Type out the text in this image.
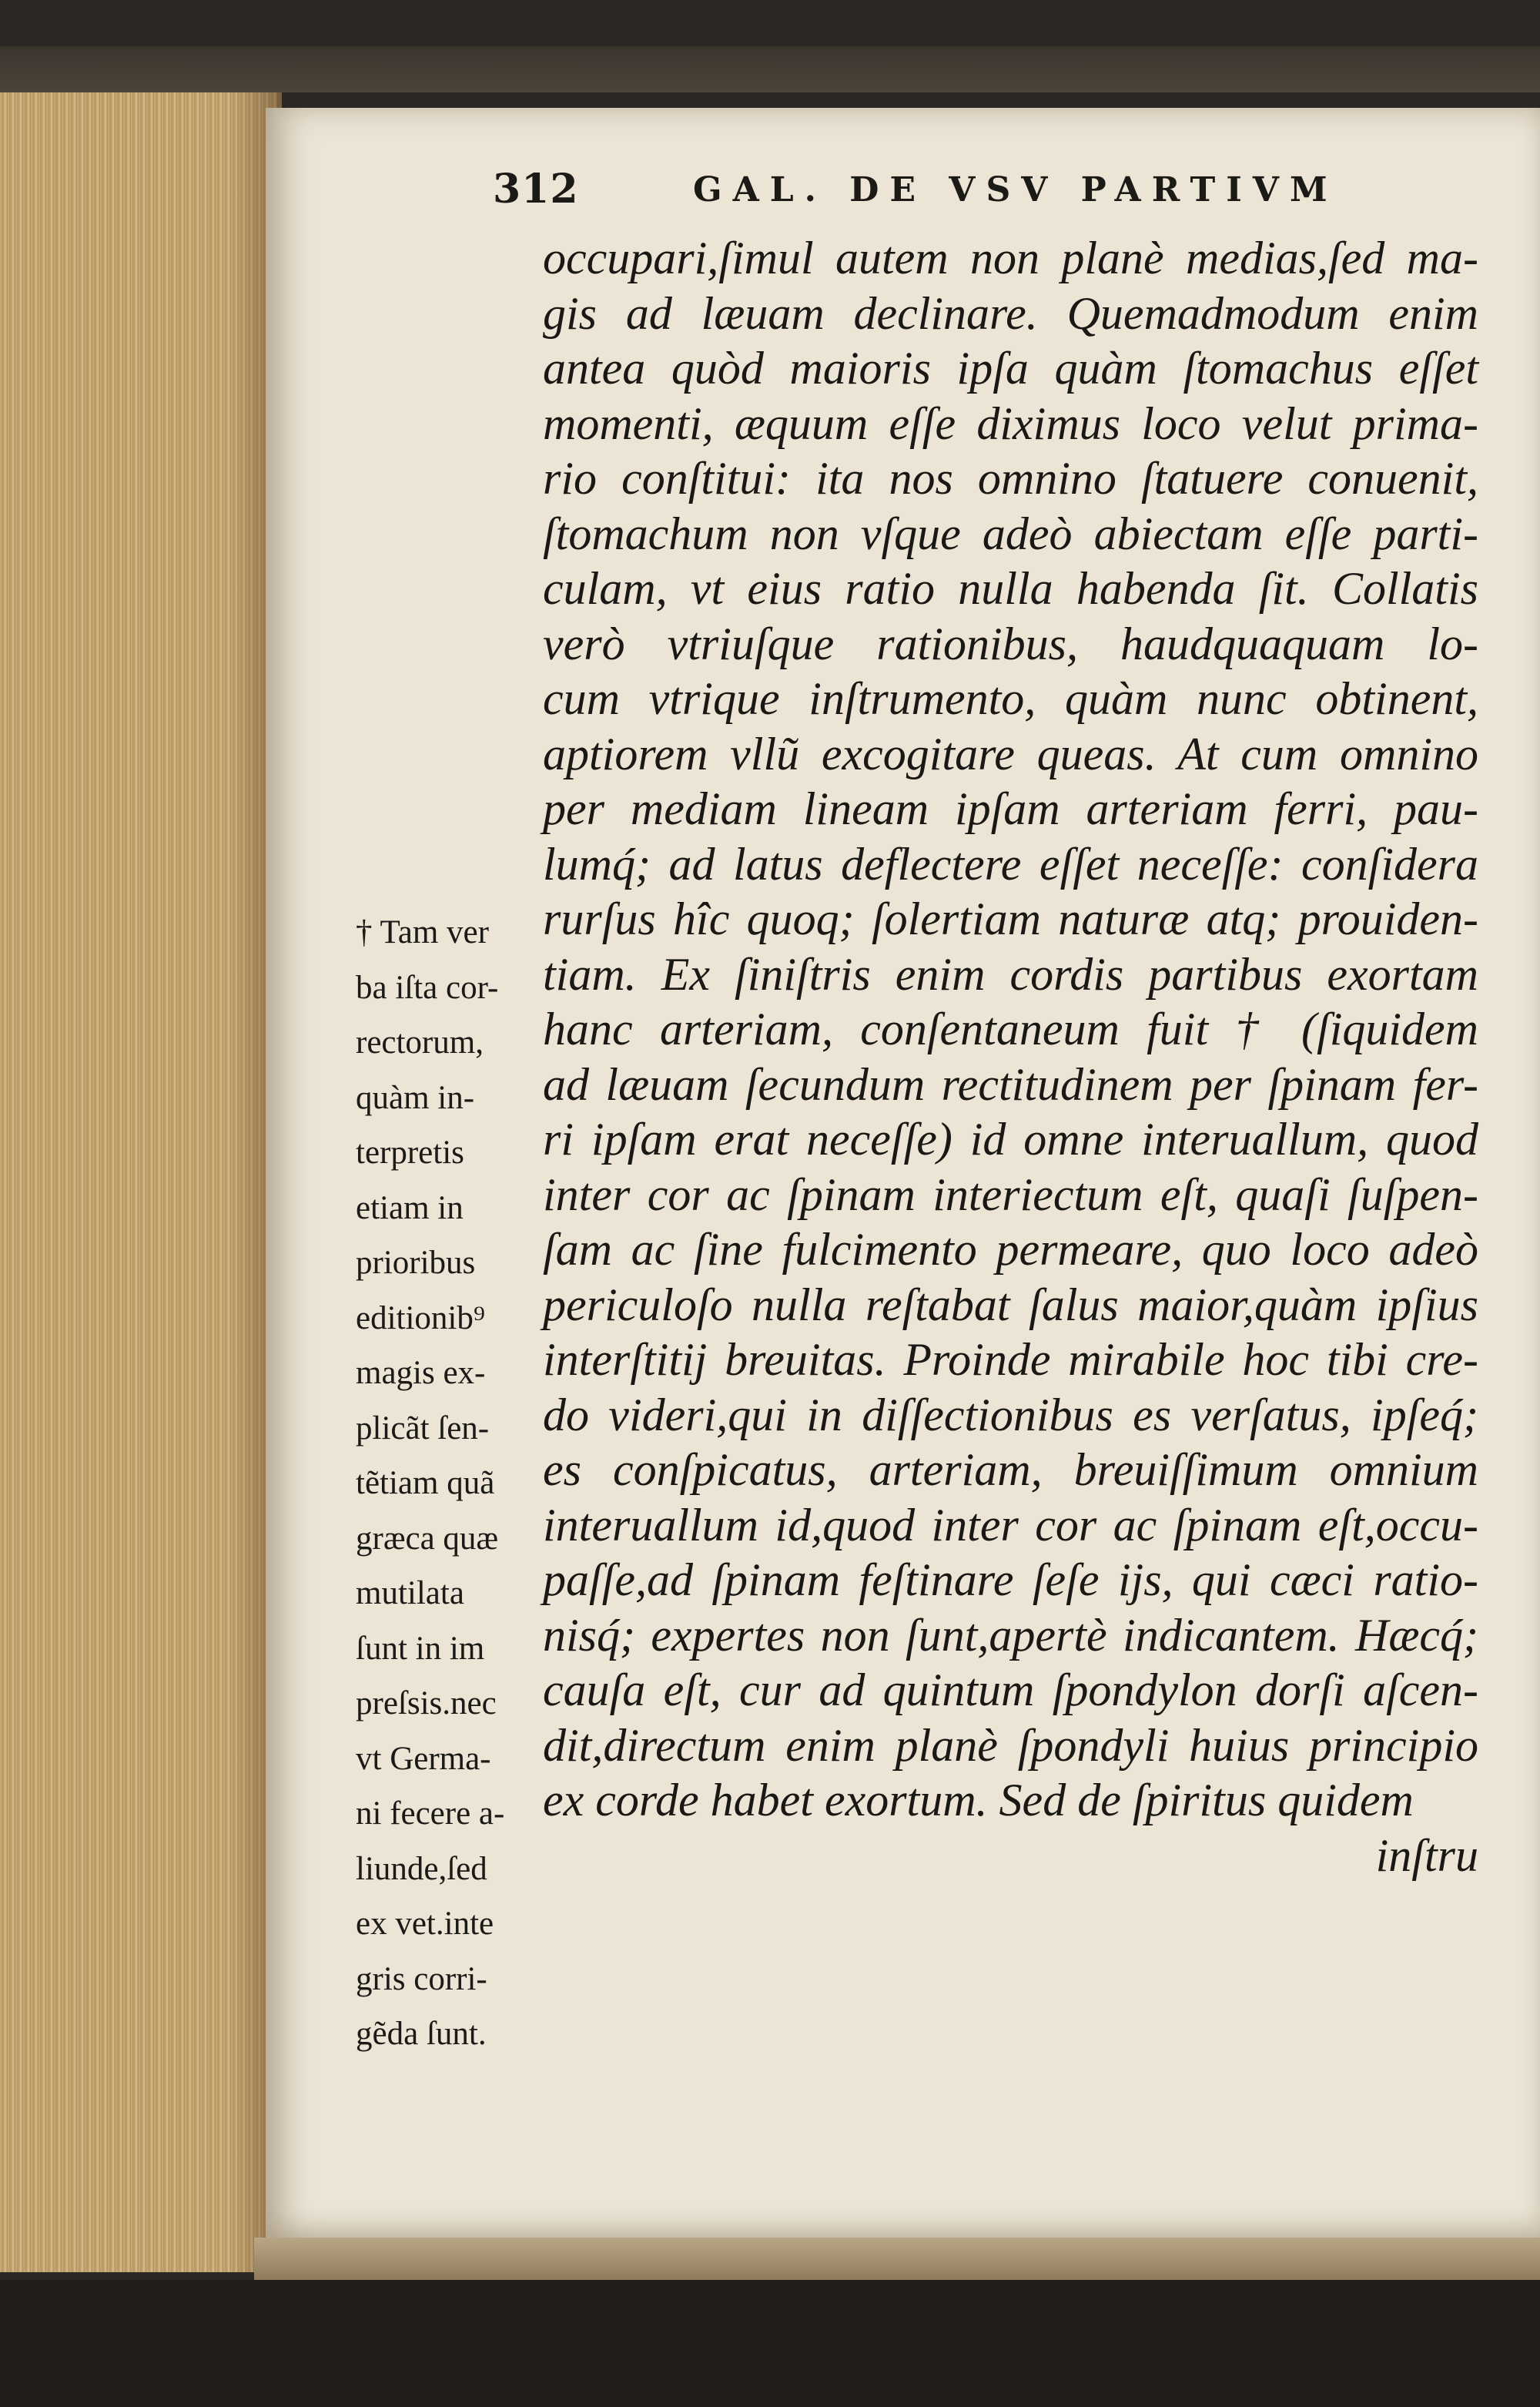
312	GAL. DE VSV PARTIVM
† Tam ver
ba iſta cor-
rectorum,
quàm in-
terpretis
etiam in
prioribus
editionib⁹
magis ex-
plicãt ſen-
tẽtiam quã
græca quæ
mutilata
ſunt in im
preſsis.nec
vt Germa-
ni fecere a-
liunde,ſed
ex vet.inte
gris corri-
gẽda ſunt.
occupari,ſimul autem non planè medias,ſed ma-
gis ad læuam declinare. Quemadmodum enim
antea quòd maioris ipſa quàm ſtomachus eſſet
momenti, æquum eſſe diximus loco velut prima-
rio conſtitui: ita nos omnino ſtatuere conuenit,
ſtomachum non vſque adeò abiectam eſſe parti-
culam, vt eius ratio nulla habenda ſit. Collatis
verò vtriuſque rationibus, haudquaquam lo-
cum vtrique inſtrumento, quàm nunc obtinent,
aptiorem vllũ excogitare queas. At cum omnino
per mediam lineam ipſam arteriam ferri, pau-
lumq́; ad latus deflectere eſſet neceſſe: conſidera
rurſus hîc quoq; ſolertiam naturæ atq; prouiden-
tiam. Ex ſiniſtris enim cordis partibus exortam
hanc arteriam, conſentaneum fuit † (ſiquidem
ad læuam ſecundum rectitudinem per ſpinam fer-
ri ipſam erat neceſſe) id omne interuallum, quod
inter cor ac ſpinam interiectum eſt, quaſi ſuſpen-
ſam ac ſine fulcimento permeare, quo loco adeò
periculoſo nulla reſtabat ſalus maior,quàm ipſius
interſtitij breuitas. Proinde mirabile hoc tibi cre-
do videri,qui in diſſectionibus es verſatus, ipſeq́;
es conſpicatus, arteriam, breuiſſimum omnium
interuallum id,quod inter cor ac ſpinam eſt,occu-
paſſe,ad ſpinam feſtinare ſeſe ijs, qui cæci ratio-
nisq́; expertes non ſunt,apertè indicantem. Hæcq́;
cauſa eſt, cur ad quintum ſpondylon dorſi aſcen-
dit,directum enim planè ſpondyli huius principio
ex corde habet exortum. Sed de ſpiritus quidem
inſtru
